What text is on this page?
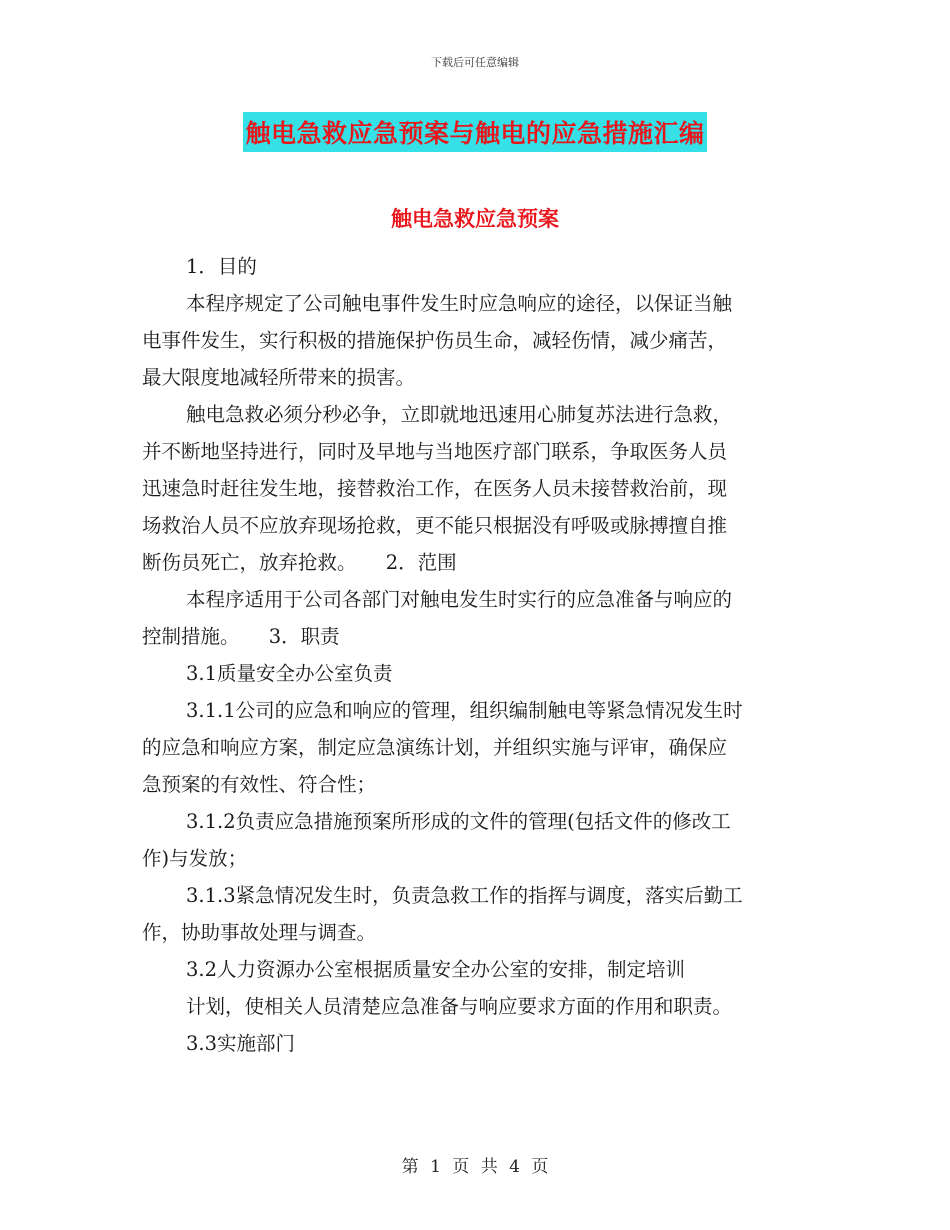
下载后可任意编辑
触电急救应急预案与触电的应急措施汇编
触电急救应急预案
1．目的
本程序规定了公司触电事件发生时应急响应的途径，以保证当触
电事件发生，实行积极的措施保护伤员生命，减轻伤情，减少痛苦，
最大限度地减轻所带来的损害。
触电急救必须分秒必争，立即就地迅速用心肺复苏法进行急救，
并不断地坚持进行，同时及早地与当地医疗部门联系，争取医务人员
迅速急时赶往发生地，接替救治工作，在医务人员未接替救治前，现
场救治人员不应放弃现场抢救，更不能只根据没有呼吸或脉搏擅自推
断伤员死亡，放弃抢救。　　2．范围
本程序适用于公司各部门对触电发生时实行的应急准备与响应的
控制措施。　　3．职责
3.1质量安全办公室负责
3.1.1公司的应急和响应的管理，组织编制触电等紧急情况发生时
的应急和响应方案，制定应急演练计划，并组织实施与评审，确保应
急预案的有效性、符合性；
3.1.2负责应急措施预案所形成的文件的管理(包括文件的修改工
作)与发放；
3.1.3紧急情况发生时，负责急救工作的指挥与调度，落实后勤工
作，协助事故处理与调查。
3.2人力资源办公室根据质量安全办公室的安排，制定培训
计划，使相关人员清楚应急准备与响应要求方面的作用和职责。
3.3实施部门
第 1 页 共 4 页
